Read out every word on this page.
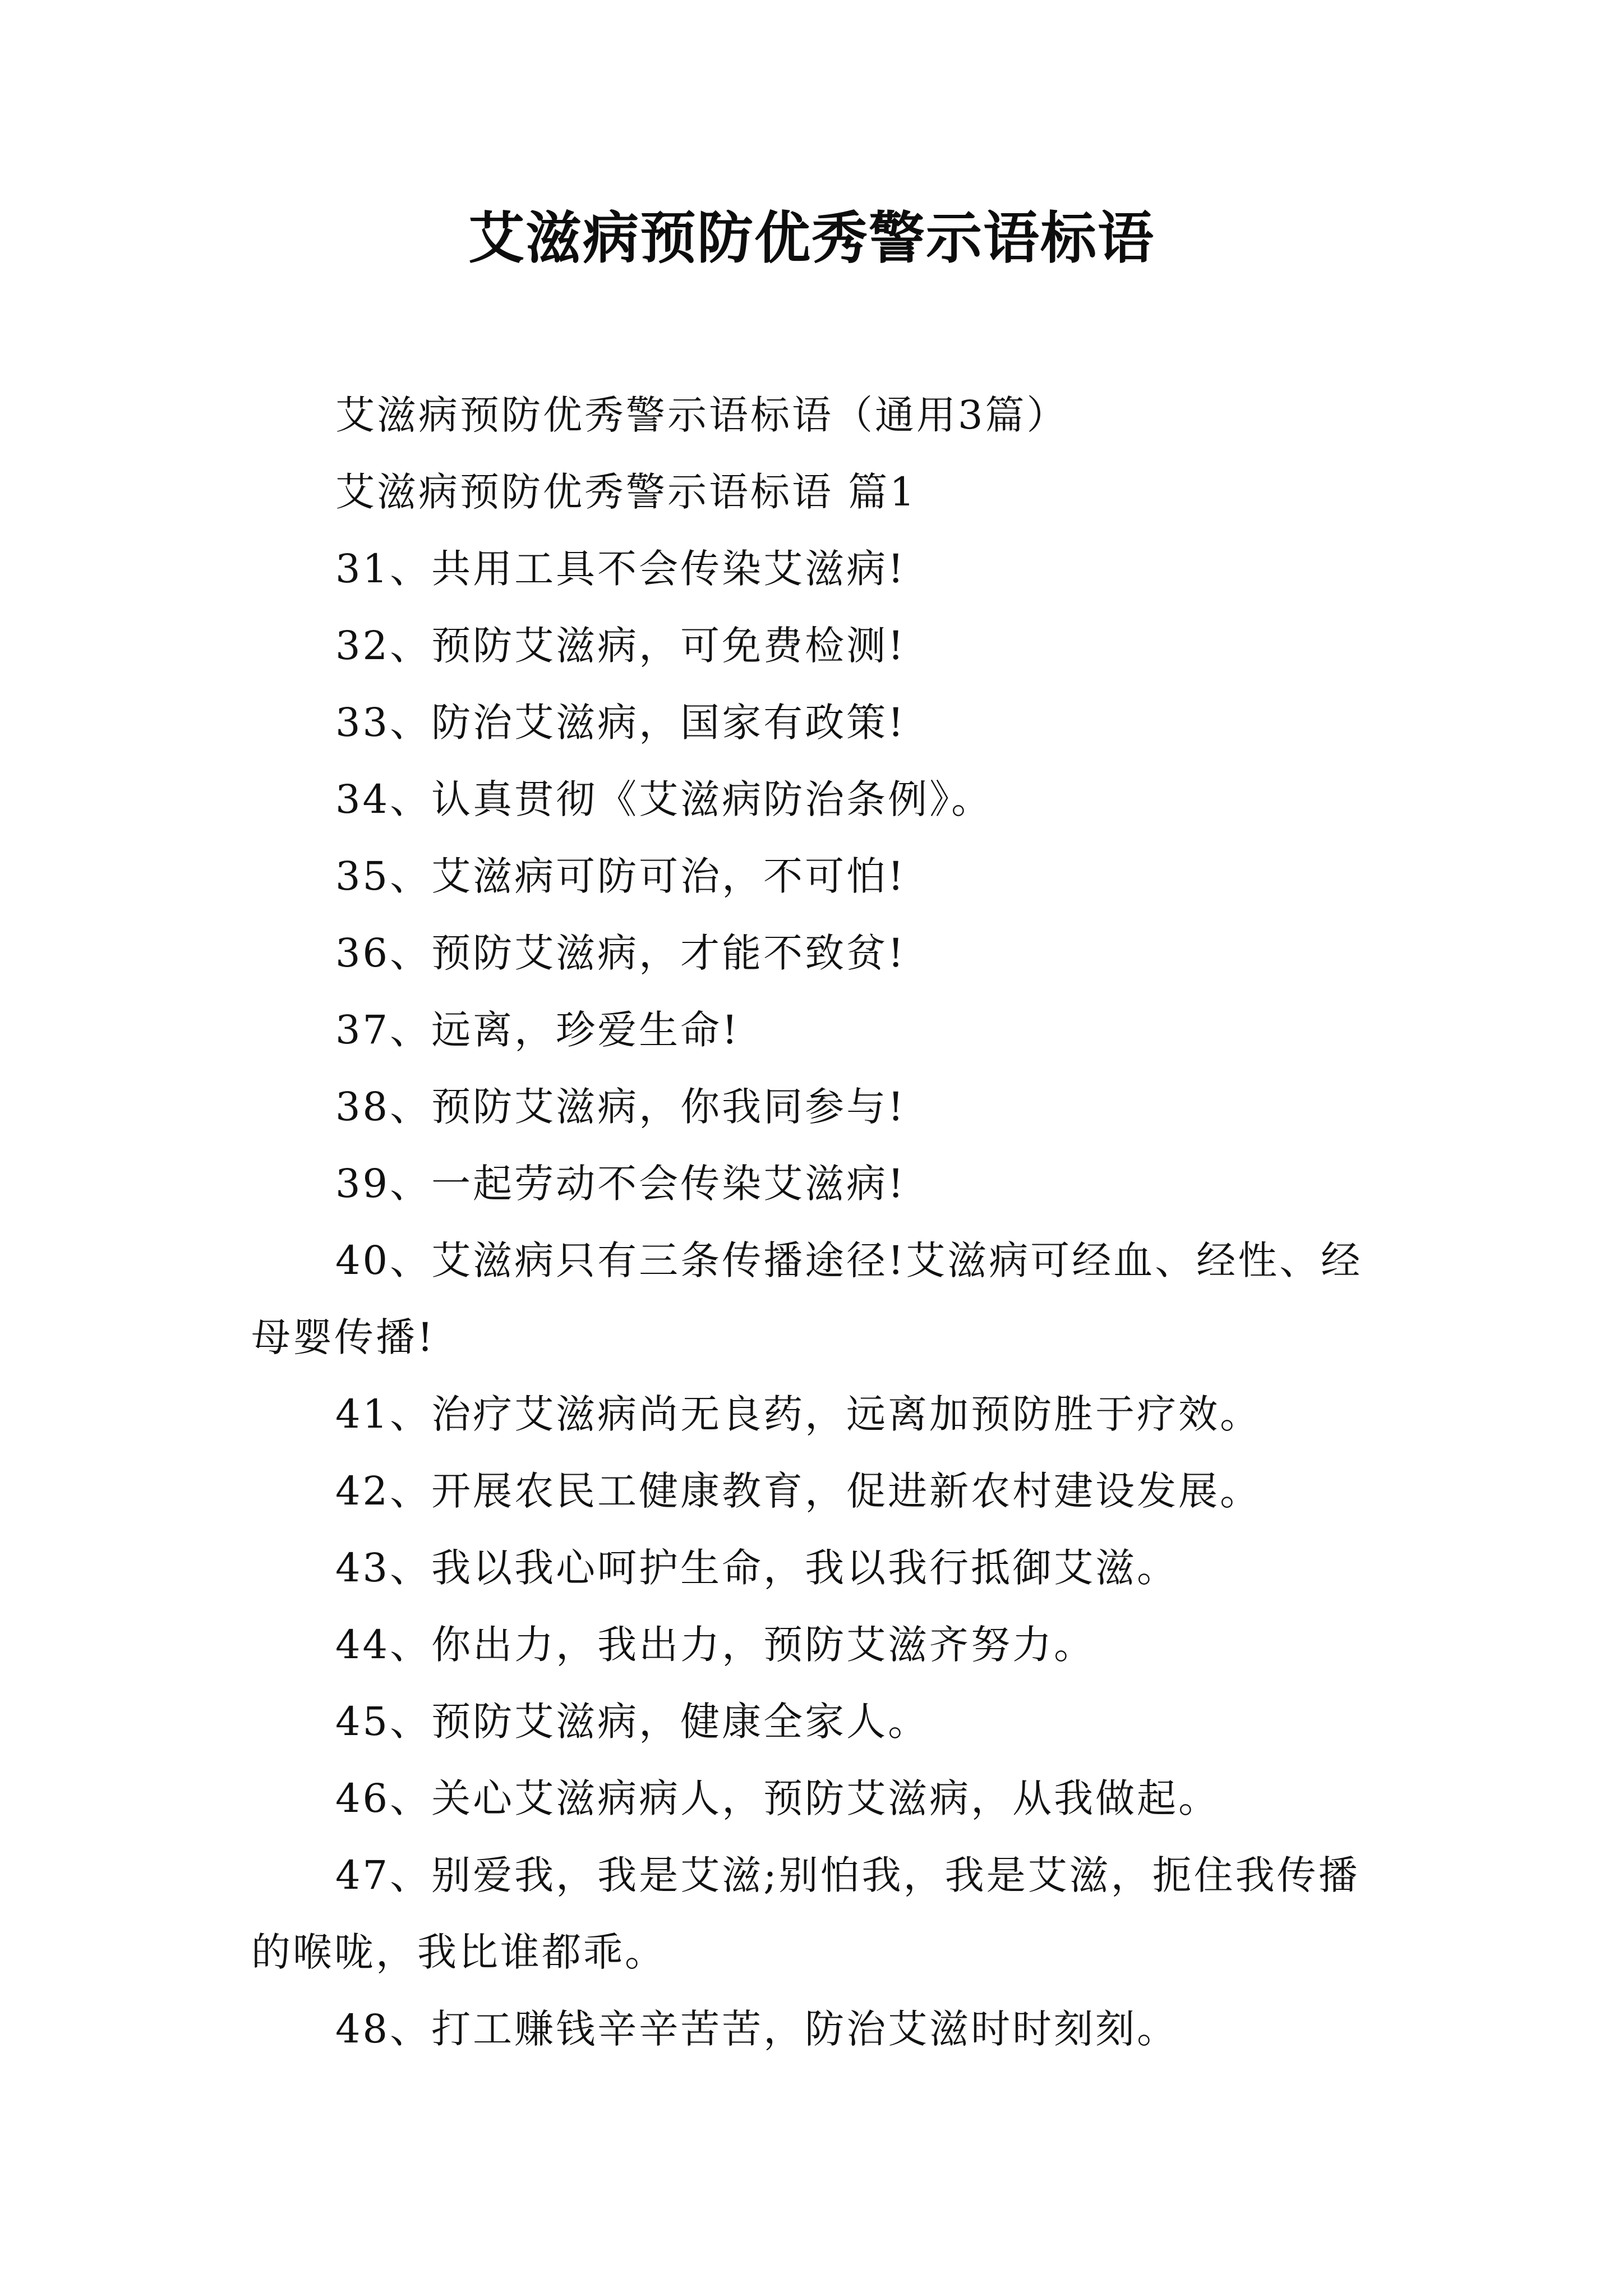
艾滋病预防优秀警示语标语

艾滋病预防优秀警示语标语（通用3篇）

艾滋病预防优秀警示语标语 篇1

31、共用工具不会传染艾滋病!

32、预防艾滋病，可免费检测!

33、防治艾滋病，国家有政策!

34、认真贯彻《艾滋病防治条例》。

35、艾滋病可防可治，不可怕!

36、预防艾滋病，才能不致贫!

37、远离，珍爱生命!

38、预防艾滋病，你我同参与!

39、一起劳动不会传染艾滋病!

40、艾滋病只有三条传播途径!艾滋病可经血、经性、经母婴传播!

41、治疗艾滋病尚无良药，远离加预防胜于疗效。

42、开展农民工健康教育，促进新农村建设发展。

43、我以我心呵护生命，我以我行抵御艾滋。

44、你出力，我出力，预防艾滋齐努力。

45、预防艾滋病，健康全家人。

46、关心艾滋病病人，预防艾滋病，从我做起。

47、别爱我，我是艾滋;别怕我，我是艾滋，扼住我传播的喉咙，我比谁都乖。

48、打工赚钱辛辛苦苦，防治艾滋时时刻刻。
